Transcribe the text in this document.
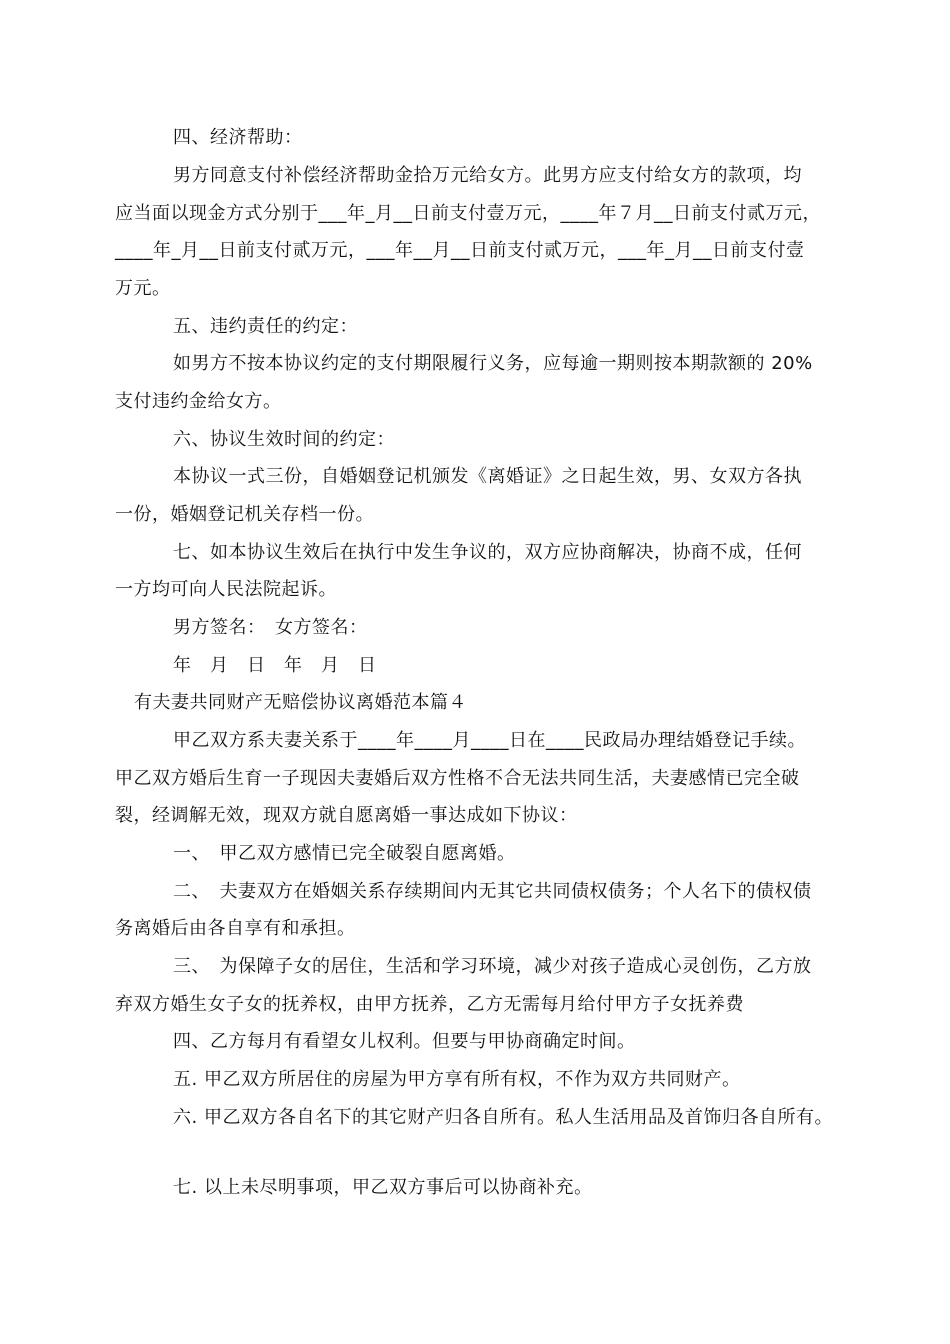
四、经济帮助：
男方同意支付补偿经济帮助金拾万元给女方。此男方应支付给女方的款项，均
应当面以现金方式分别于___年_月__日前支付壹万元，____年７月__日前支付贰万元，
____年_月__日前支付贰万元，___年__月__日前支付贰万元，___年_月__日前支付壹
万元。
五、违约责任的约定：
如男方不按本协议约定的支付期限履行义务，应每逾一期则按本期款额的 20%
支付违约金给女方。
六、协议生效时间的约定：
本协议一式三份，自婚姻登记机颁发《离婚证》之日起生效，男、女双方各执
一份，婚姻登记机关存档一份。
七、如本协议生效后在执行中发生争议的，双方应协商解决，协商不成，任何
一方均可向人民法院起诉。
男方签名：　女方签名：
年　月　日　年　月　日
有夫妻共同财产无赔偿协议离婚范本篇４
甲乙双方系夫妻关系于____年____月____日在____民政局办理结婚登记手续。
甲乙双方婚后生育一子现因夫妻婚后双方性格不合无法共同生活，夫妻感情已完全破
裂，经调解无效，现双方就自愿离婚一事达成如下协议：
一、　甲乙双方感情已完全破裂自愿离婚。
二、　夫妻双方在婚姻关系存续期间内无其它共同债权债务；个人名下的债权债
务离婚后由各自享有和承担。
三、　为保障子女的居住，生活和学习环境，减少对孩子造成心灵创伤，乙方放
弃双方婚生女子女的抚养权，由甲方抚养，乙方无需每月给付甲方子女抚养费
四、乙方每月有看望女儿权利。但要与甲协商确定时间。
五. 甲乙双方所居住的房屋为甲方享有所有权，不作为双方共同财产。
六. 甲乙双方各自名下的其它财产归各自所有。私人生活用品及首饰归各自所有。
七. 以上未尽明事项，甲乙双方事后可以协商补充。
